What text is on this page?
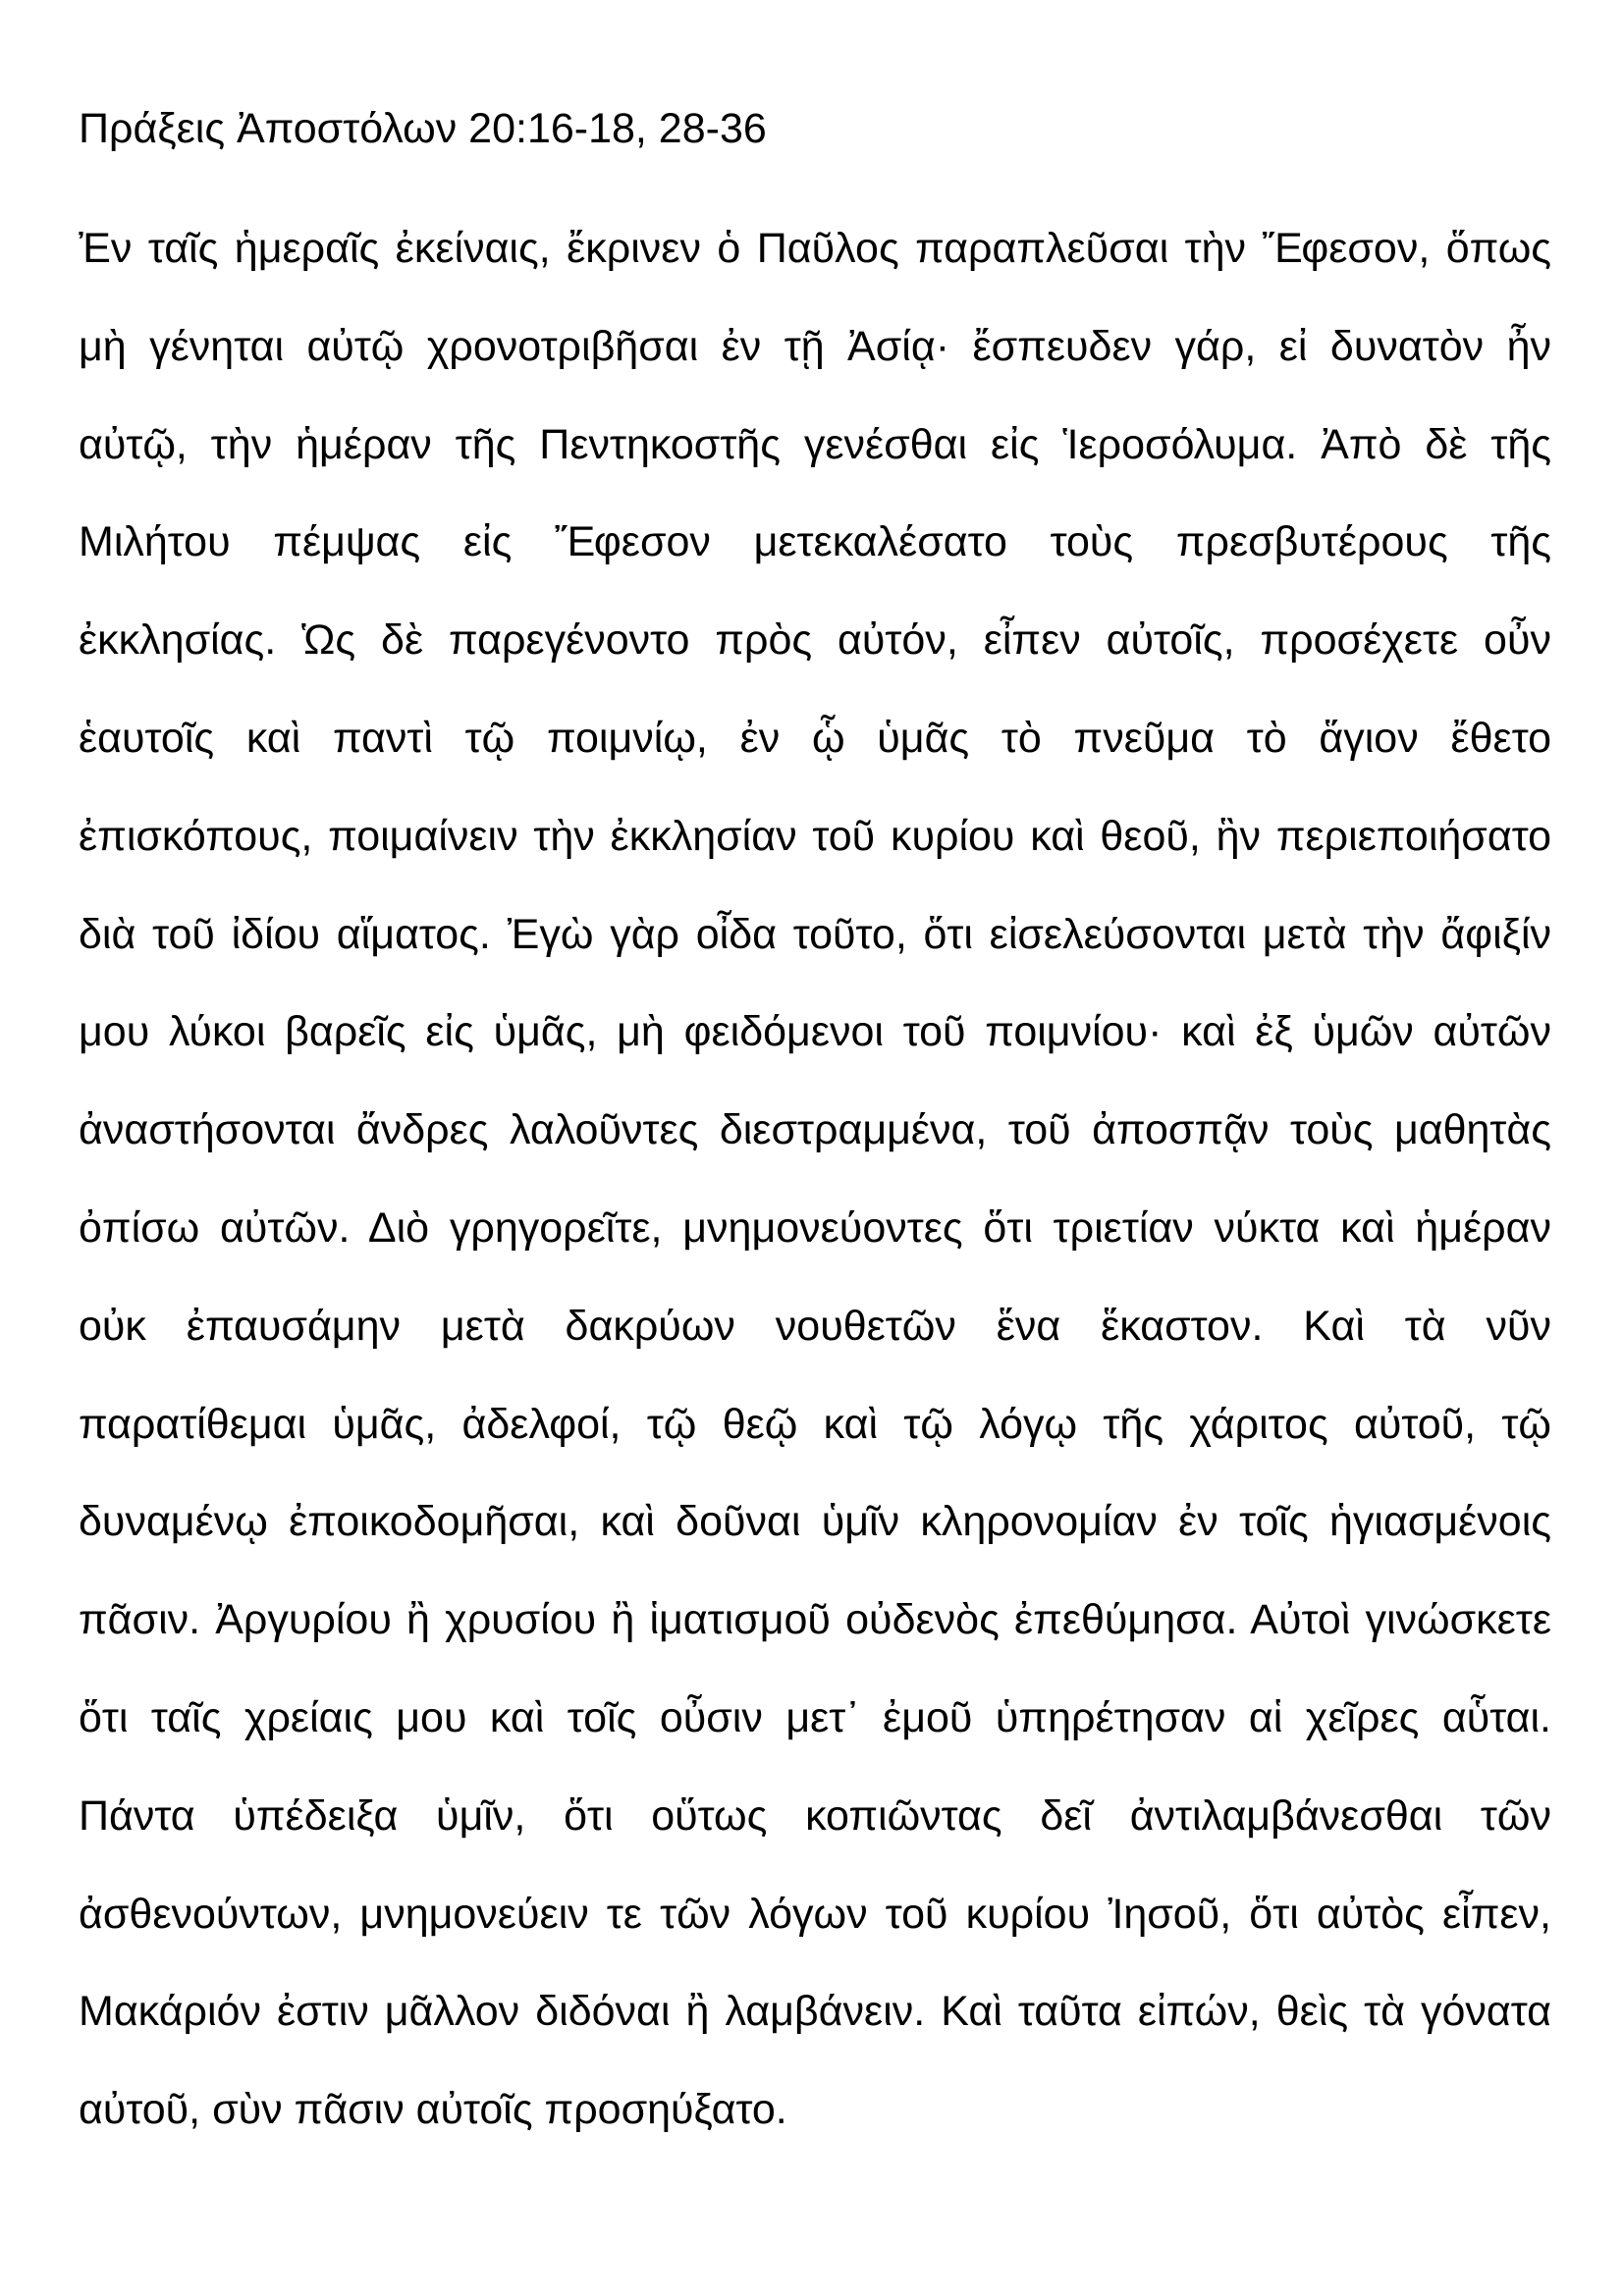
Πράξεις Ἀποστόλων 20:16-18, 28-36
Ἐν ταῖς ἡμεραῖς ἐκείναις, ἔκρινεν ὁ Παῦλος παραπλεῦσαι τὴν Ἔφεσον, ὅπως
μὴ γένηται αὐτῷ χρονοτριβῆσαι ἐν τῇ Ἀσίᾳ· ἔσπευδεν γάρ, εἰ δυνατὸν ἦν
αὐτῷ, τὴν ἡμέραν τῆς Πεντηκοστῆς γενέσθαι εἰς Ἱεροσόλυμα. Ἀπὸ δὲ τῆς
Μιλήτου πέμψας εἰς Ἔφεσον μετεκαλέσατο τοὺς πρεσβυτέρους τῆς
ἐκκλησίας. Ὡς δὲ παρεγένοντο πρὸς αὐτόν, εἶπεν αὐτοῖς, προσέχετε οὖν
ἑαυτοῖς καὶ παντὶ τῷ ποιμνίῳ, ἐν ᾧ ὑμᾶς τὸ πνεῦμα τὸ ἅγιον ἔθετο
ἐπισκόπους, ποιμαίνειν τὴν ἐκκλησίαν τοῦ κυρίου καὶ θεοῦ, ἣν περιεποιήσατο
διὰ τοῦ ἰδίου αἵματος. Ἐγὼ γὰρ οἶδα τοῦτο, ὅτι εἰσελεύσονται μετὰ τὴν ἄφιξίν
μου λύκοι βαρεῖς εἰς ὑμᾶς, μὴ φειδόμενοι τοῦ ποιμνίου· καὶ ἐξ ὑμῶν αὐτῶν
ἀναστήσονται ἄνδρες λαλοῦντες διεστραμμένα, τοῦ ἀποσπᾷν τοὺς μαθητὰς
ὀπίσω αὐτῶν. Διὸ γρηγορεῖτε, μνημονεύοντες ὅτι τριετίαν νύκτα καὶ ἡμέραν
οὐκ ἐπαυσάμην μετὰ δακρύων νουθετῶν ἕνα ἕκαστον. Καὶ τὰ νῦν
παρατίθεμαι ὑμᾶς, ἀδελφοί, τῷ θεῷ καὶ τῷ λόγῳ τῆς χάριτος αὐτοῦ, τῷ
δυναμένῳ ἐποικοδομῆσαι, καὶ δοῦναι ὑμῖν κληρονομίαν ἐν τοῖς ἡγιασμένοις
πᾶσιν. Ἀργυρίου ἢ χρυσίου ἢ ἱματισμοῦ οὐδενὸς ἐπεθύμησα. Αὐτοὶ γινώσκετε
ὅτι ταῖς χρείαις μου καὶ τοῖς οὖσιν μετ᾽ ἐμοῦ ὑπηρέτησαν αἱ χεῖρες αὗται.
Πάντα ὑπέδειξα ὑμῖν, ὅτι οὕτως κοπιῶντας δεῖ ἀντιλαμβάνεσθαι τῶν
ἀσθενούντων, μνημονεύειν τε τῶν λόγων τοῦ κυρίου Ἰησοῦ, ὅτι αὐτὸς εἶπεν,
Μακάριόν ἐστιν μᾶλλον διδόναι ἢ λαμβάνειν. Καὶ ταῦτα εἰπών, θεὶς τὰ γόνατα
αὐτοῦ, σὺν πᾶσιν αὐτοῖς προσηύξατο.
